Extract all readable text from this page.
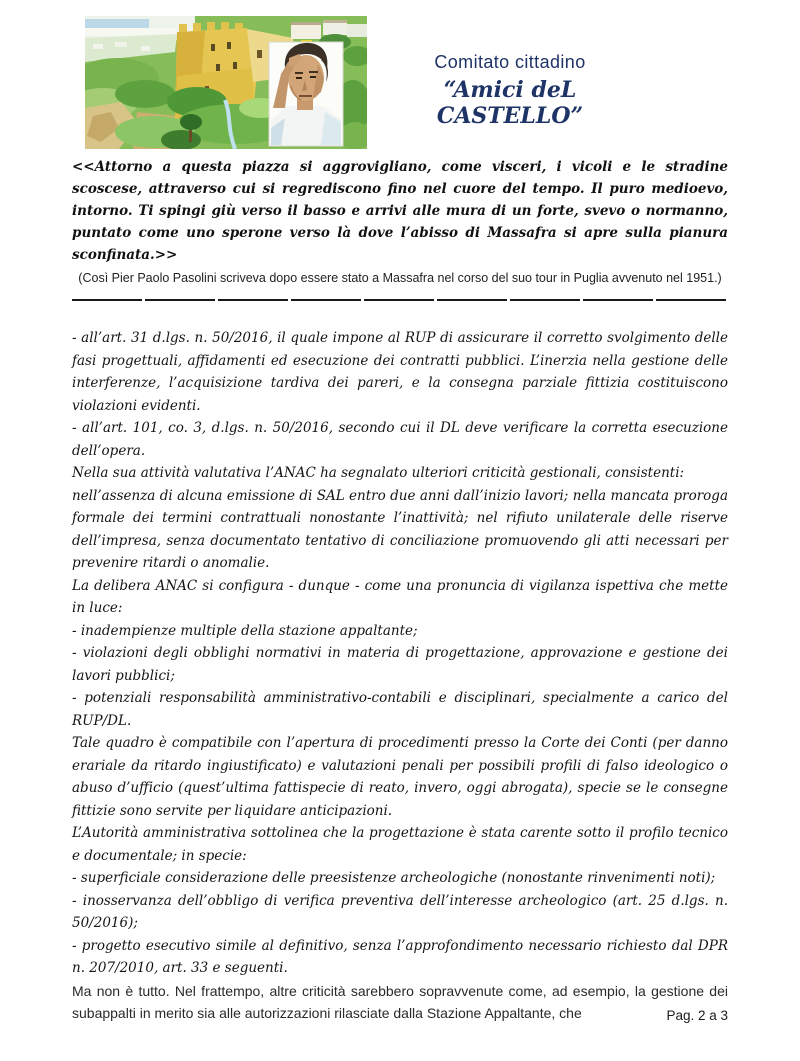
Comitato cittadino
“Amici deL CASTELLO”

<<Attorno a questa piazza si aggrovigliano, come visceri, i vicoli e le stradine scoscese, attraverso cui si regrediscono fino nel cuore del tempo. Il puro medioevo, intorno. Ti spingi giù verso il basso e arrivi alle mura di un forte, svevo o normanno, puntato come uno sperone verso là dove l’abisso di Massafra si apre sulla pianura sconfinata.>>

(Così Pier Paolo Pasolini scriveva dopo essere stato a Massafra nel corso del suo tour in Puglia avvenuto nel 1951.)

- all’art. 31 d.lgs. n. 50/2016, il quale impone al RUP di assicurare il corretto svolgimento delle fasi progettuali, affidamenti ed esecuzione dei contratti pubblici. L’inerzia nella gestione delle interferenze, l’acquisizione tardiva dei pareri, e la consegna parziale fittizia costituiscono violazioni evidenti.

- all’art. 101, co. 3, d.lgs. n. 50/2016, secondo cui il DL deve verificare la corretta esecuzione dell’opera.

Nella sua attività valutativa l’ANAC ha segnalato ulteriori criticità gestionali, consistenti:

nell’assenza di alcuna emissione di SAL entro due anni dall’inizio lavori; nella mancata proroga formale dei termini contrattuali nonostante l’inattività; nel rifiuto unilaterale delle riserve dell’impresa, senza documentato tentativo di conciliazione promuovendo gli atti necessari per prevenire ritardi o anomalie.

La delibera ANAC si configura - dunque - come una pronuncia di vigilanza ispettiva che mette in luce:

- inadempienze multiple della stazione appaltante;

- violazioni degli obblighi normativi in materia di progettazione, approvazione e gestione dei lavori pubblici;

- potenziali responsabilità amministrativo-contabili e disciplinari, specialmente a carico del RUP/DL.

Tale quadro è compatibile con l’apertura di procedimenti presso la Corte dei Conti (per danno erariale da ritardo ingiustificato) e valutazioni penali per possibili profili di falso ideologico o abuso d’ufficio (quest’ultima fattispecie di reato, invero, oggi abrogata), specie se le consegne fittizie sono servite per liquidare anticipazioni.

L’Autorità amministrativa sottolinea che la progettazione è stata carente sotto il profilo tecnico e documentale; in specie:

- superficiale considerazione delle preesistenze archeologiche (nonostante rinvenimenti noti);

- inosservanza dell’obbligo di verifica preventiva dell’interesse archeologico (art. 25 d.lgs. n. 50/2016);

- progetto esecutivo simile al definitivo, senza l’approfondimento necessario richiesto dal DPR n. 207/2010, art. 33 e seguenti.

Ma non è tutto. Nel frattempo, altre criticità sarebbero sopravvenute come, ad esempio, la gestione dei subappalti in merito sia alle autorizzazioni rilasciate dalla Stazione Appaltante, che	Pag. 2 a 3
